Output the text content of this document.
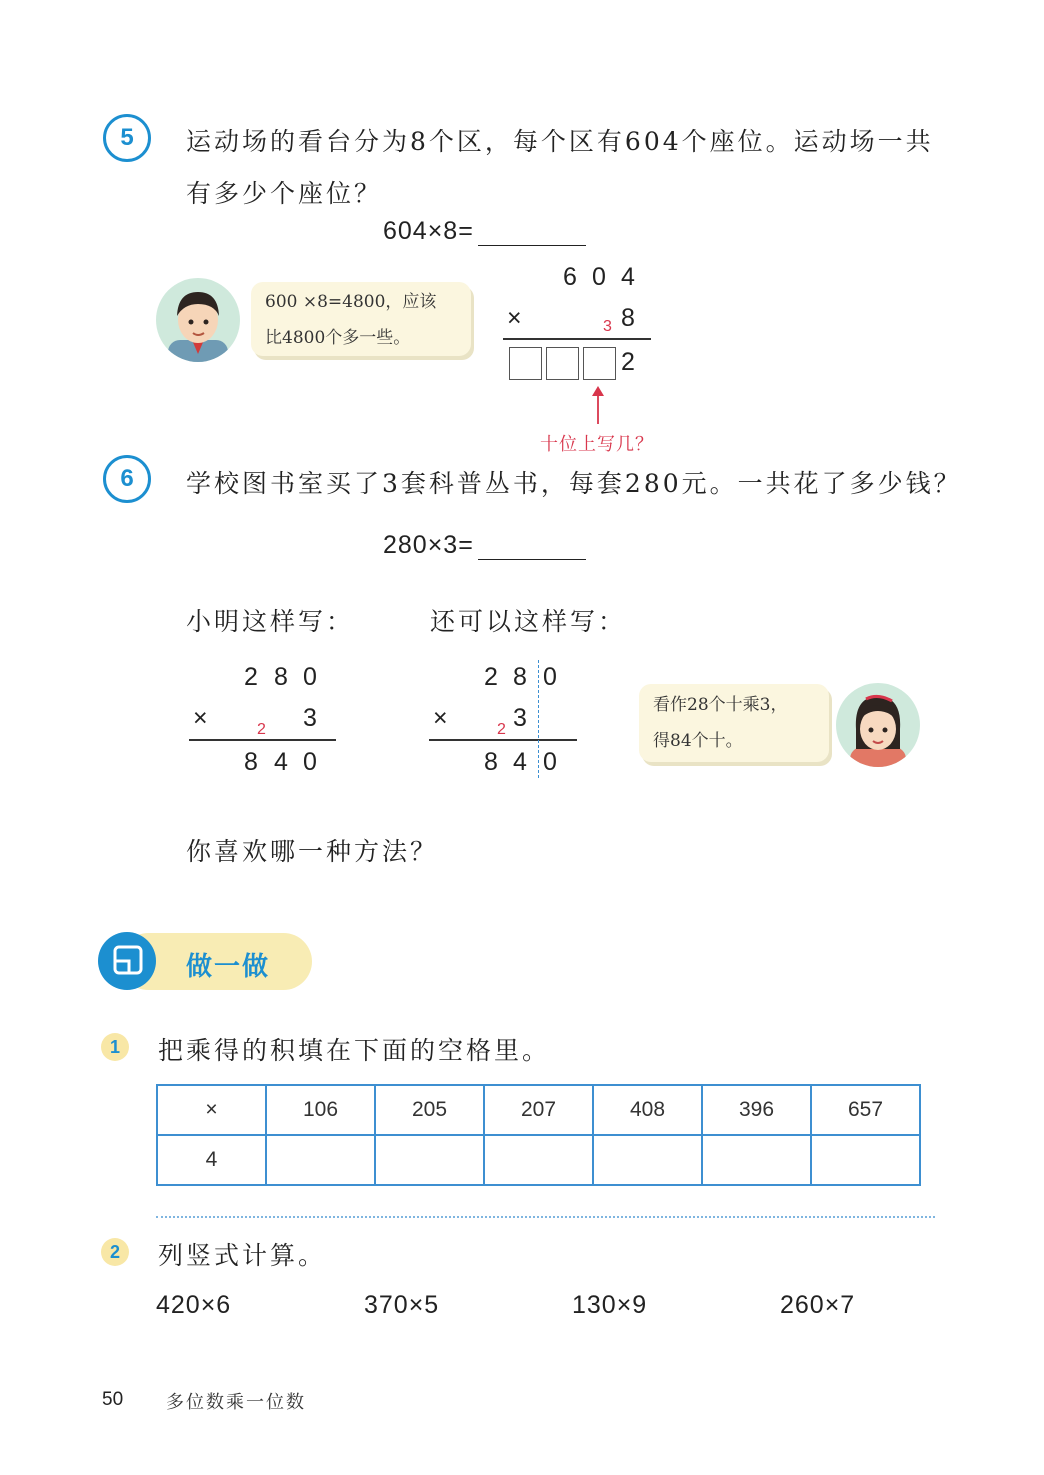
5	运动场的看台分为8个区，每个区有604个座位。运动场一共
有多少个座位？
604×8=
600 ×8=4800，应该
比4800个多一些。
6 0 4
×	3 8
2
十位上写几？
6	学校图书室买了3套科普丛书，每套280元。一共花了多少钱？
280×3=
小明这样写：	还可以这样写：
2 8 0
×	2 3
8 4 0
2 8 0
×	2 3
8 4 0
看作28个十乘3，
得84个十。
你喜欢哪一种方法？
做一做
1	把乘得的积填在下面的空格里。
×	106	205	207	408	396	657
4						
2	列竖式计算。
420×6	370×5	130×9	260×7
50 多位数乘一位数
